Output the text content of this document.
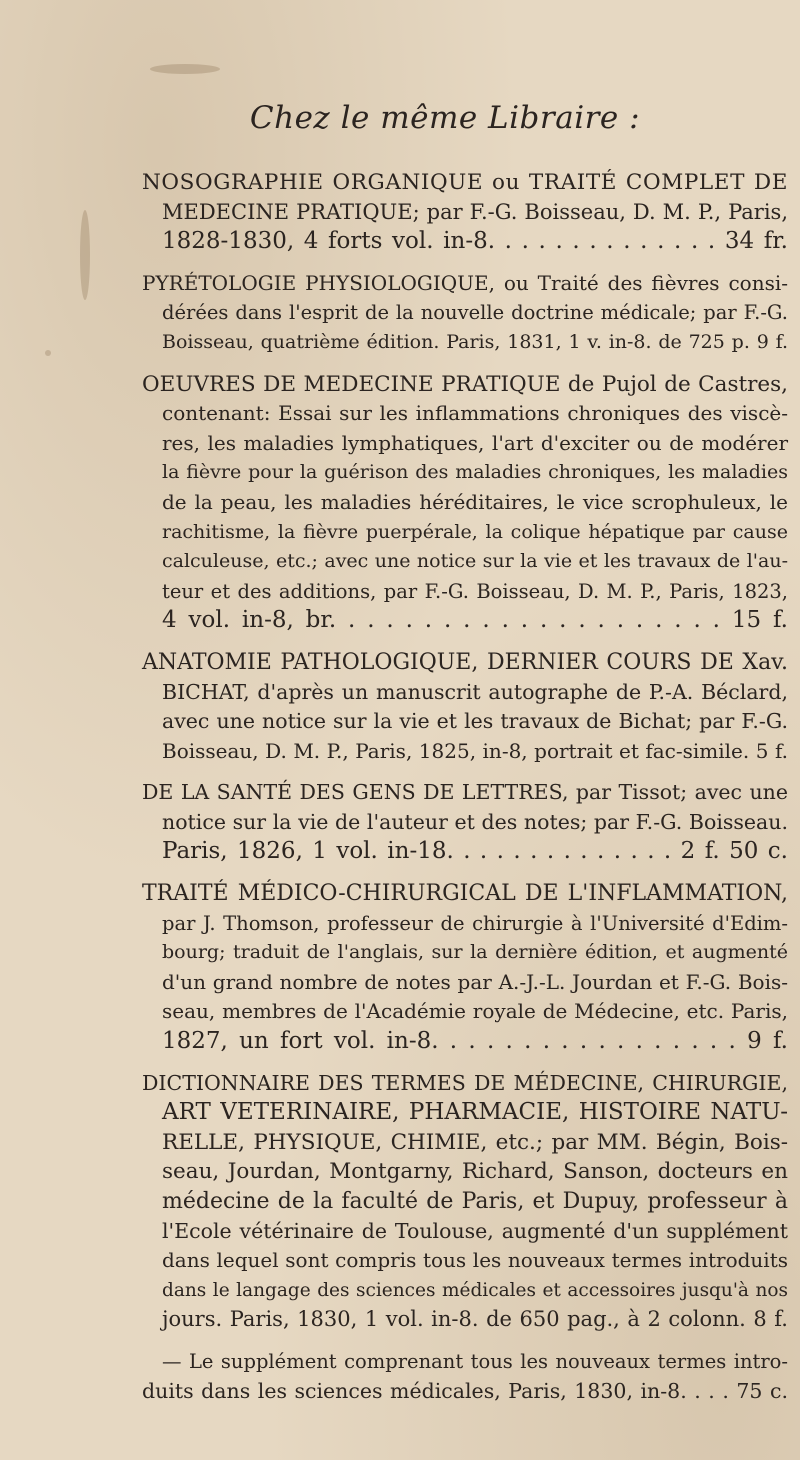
Chez le même Libraire :
NOSOGRAPHIE ORGANIQUE ou TRAITÉ COMPLET DE
MEDECINE PRATIQUE; par F.-G. Boisseau, D. M. P., Paris,
1828-1830, 4 forts vol. in-8. . . . . . . . . . . . . . 34 fr.
PYRÉTOLOGIE PHYSIOLOGIQUE, ou Traité des fièvres consi-
dérées dans l'esprit de la nouvelle doctrine médicale; par F.-G.
Boisseau, quatrième édition. Paris, 1831, 1 v. in-8. de 725 p. 9 f.
OEUVRES DE MEDECINE PRATIQUE de Pujol de Castres,
contenant: Essai sur les inflammations chroniques des viscè-
res, les maladies lymphatiques, l'art d'exciter ou de modérer
la fièvre pour la guérison des maladies chroniques, les maladies
de la peau, les maladies héréditaires, le vice scrophuleux, le
rachitisme, la fièvre puerpérale, la colique hépatique par cause
calculeuse, etc.; avec une notice sur la vie et les travaux de l'au-
teur et des additions, par F.-G. Boisseau, D. M. P., Paris, 1823,
4 vol. in-8, br. . . . . . . . . . . . . . . . . . . . . 15 f.
ANATOMIE PATHOLOGIQUE, DERNIER COURS DE Xav.
BICHAT, d'après un manuscrit autographe de P.-A. Béclard,
avec une notice sur la vie et les travaux de Bichat; par F.-G.
Boisseau, D. M. P., Paris, 1825, in-8, portrait et fac-simile. 5 f.
DE LA SANTÉ DES GENS DE LETTRES, par Tissot; avec une
notice sur la vie de l'auteur et des notes; par F.-G. Boisseau.
Paris, 1826, 1 vol. in-18. . . . . . . . . . . . . . 2 f. 50 c.
TRAITÉ MÉDICO-CHIRURGICAL DE L'INFLAMMATION,
par J. Thomson, professeur de chirurgie à l'Université d'Edim-
bourg; traduit de l'anglais, sur la dernière édition, et augmenté
d'un grand nombre de notes par A.-J.-L. Jourdan et F.-G. Bois-
seau, membres de l'Académie royale de Médecine, etc. Paris,
1827, un fort vol. in-8. . . . . . . . . . . . . . . . . 9 f.
DICTIONNAIRE DES TERMES DE MÉDECINE, CHIRURGIE,
ART VETERINAIRE, PHARMACIE, HISTOIRE NATU-
RELLE, PHYSIQUE, CHIMIE, etc.; par MM. Bégin, Bois-
seau, Jourdan, Montgarny, Richard, Sanson, docteurs en
médecine de la faculté de Paris, et Dupuy, professeur à
l'Ecole vétérinaire de Toulouse, augmenté d'un supplément
dans lequel sont compris tous les nouveaux termes introduits
dans le langage des sciences médicales et accessoires jusqu'à nos
jours. Paris, 1830, 1 vol. in-8. de 650 pag., à 2 colonn. 8 f.
— Le supplément comprenant tous les nouveaux termes intro-
duits dans les sciences médicales, Paris, 1830, in-8. . . . 75 c.
